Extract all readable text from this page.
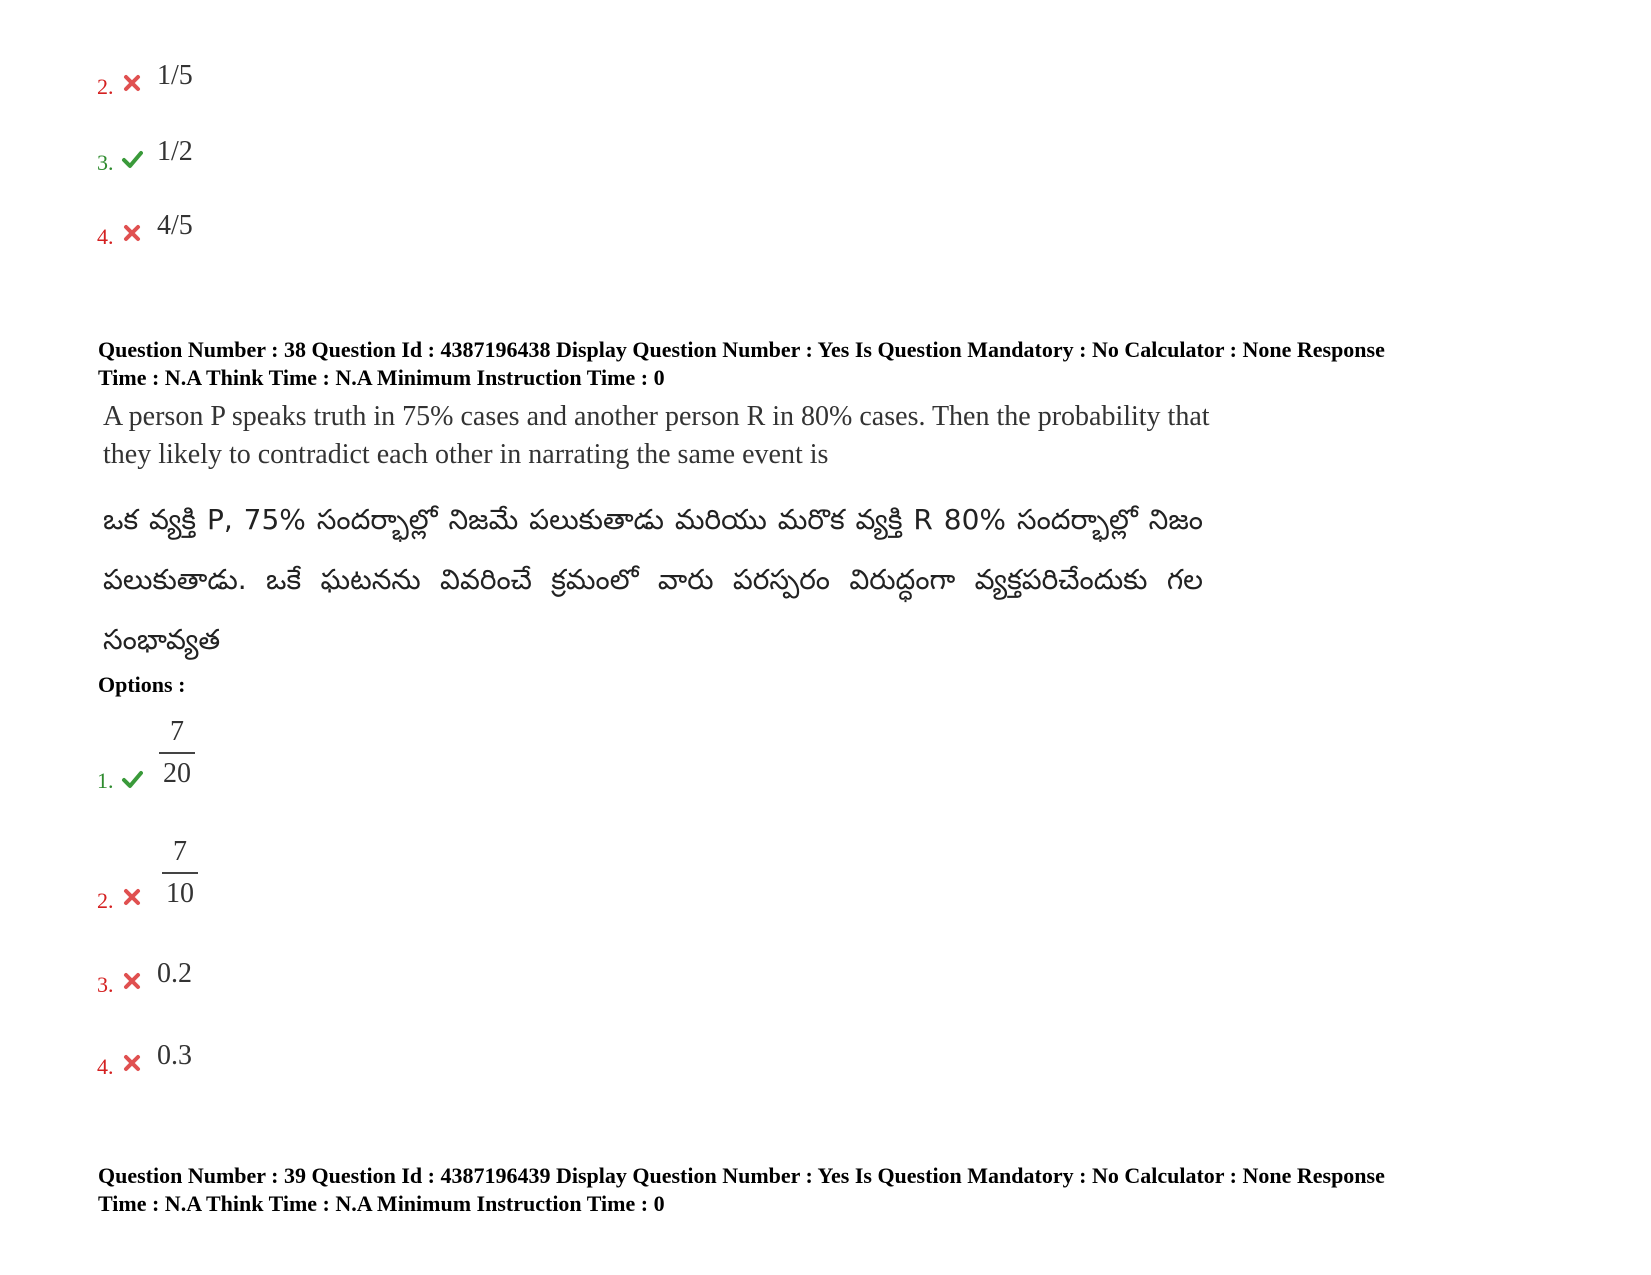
2. 1/5
3. 1/2
4. 4/5
Question Number : 38 Question Id : 4387196438 Display Question Number : Yes Is Question Mandatory : No Calculator : None Response
Time : N.A Think Time : N.A Minimum Instruction Time : 0
A person P speaks truth in 75% cases and another person R in 80% cases. Then the probability that they likely to contradict each other in narrating the same event is
ఒక వ్యక్తి P, 75% సందర్భాల్లో నిజమే పలుకుతాడు మరియు మరొక వ్యక్తి R 80% సందర్భాల్లో నిజం పలుకుతాడు. ఒకే ఘటనను వివరించే క్రమంలో వారు పరస్పరం విరుద్ధంగా వ్యక్తపరిచేందుకు గల సంభావ్యత
Options :
1.
7
20
2.
7
10
3. 0.2
4. 0.3
Question Number : 39 Question Id : 4387196439 Display Question Number : Yes Is Question Mandatory : No Calculator : None Response
Time : N.A Think Time : N.A Minimum Instruction Time : 0
